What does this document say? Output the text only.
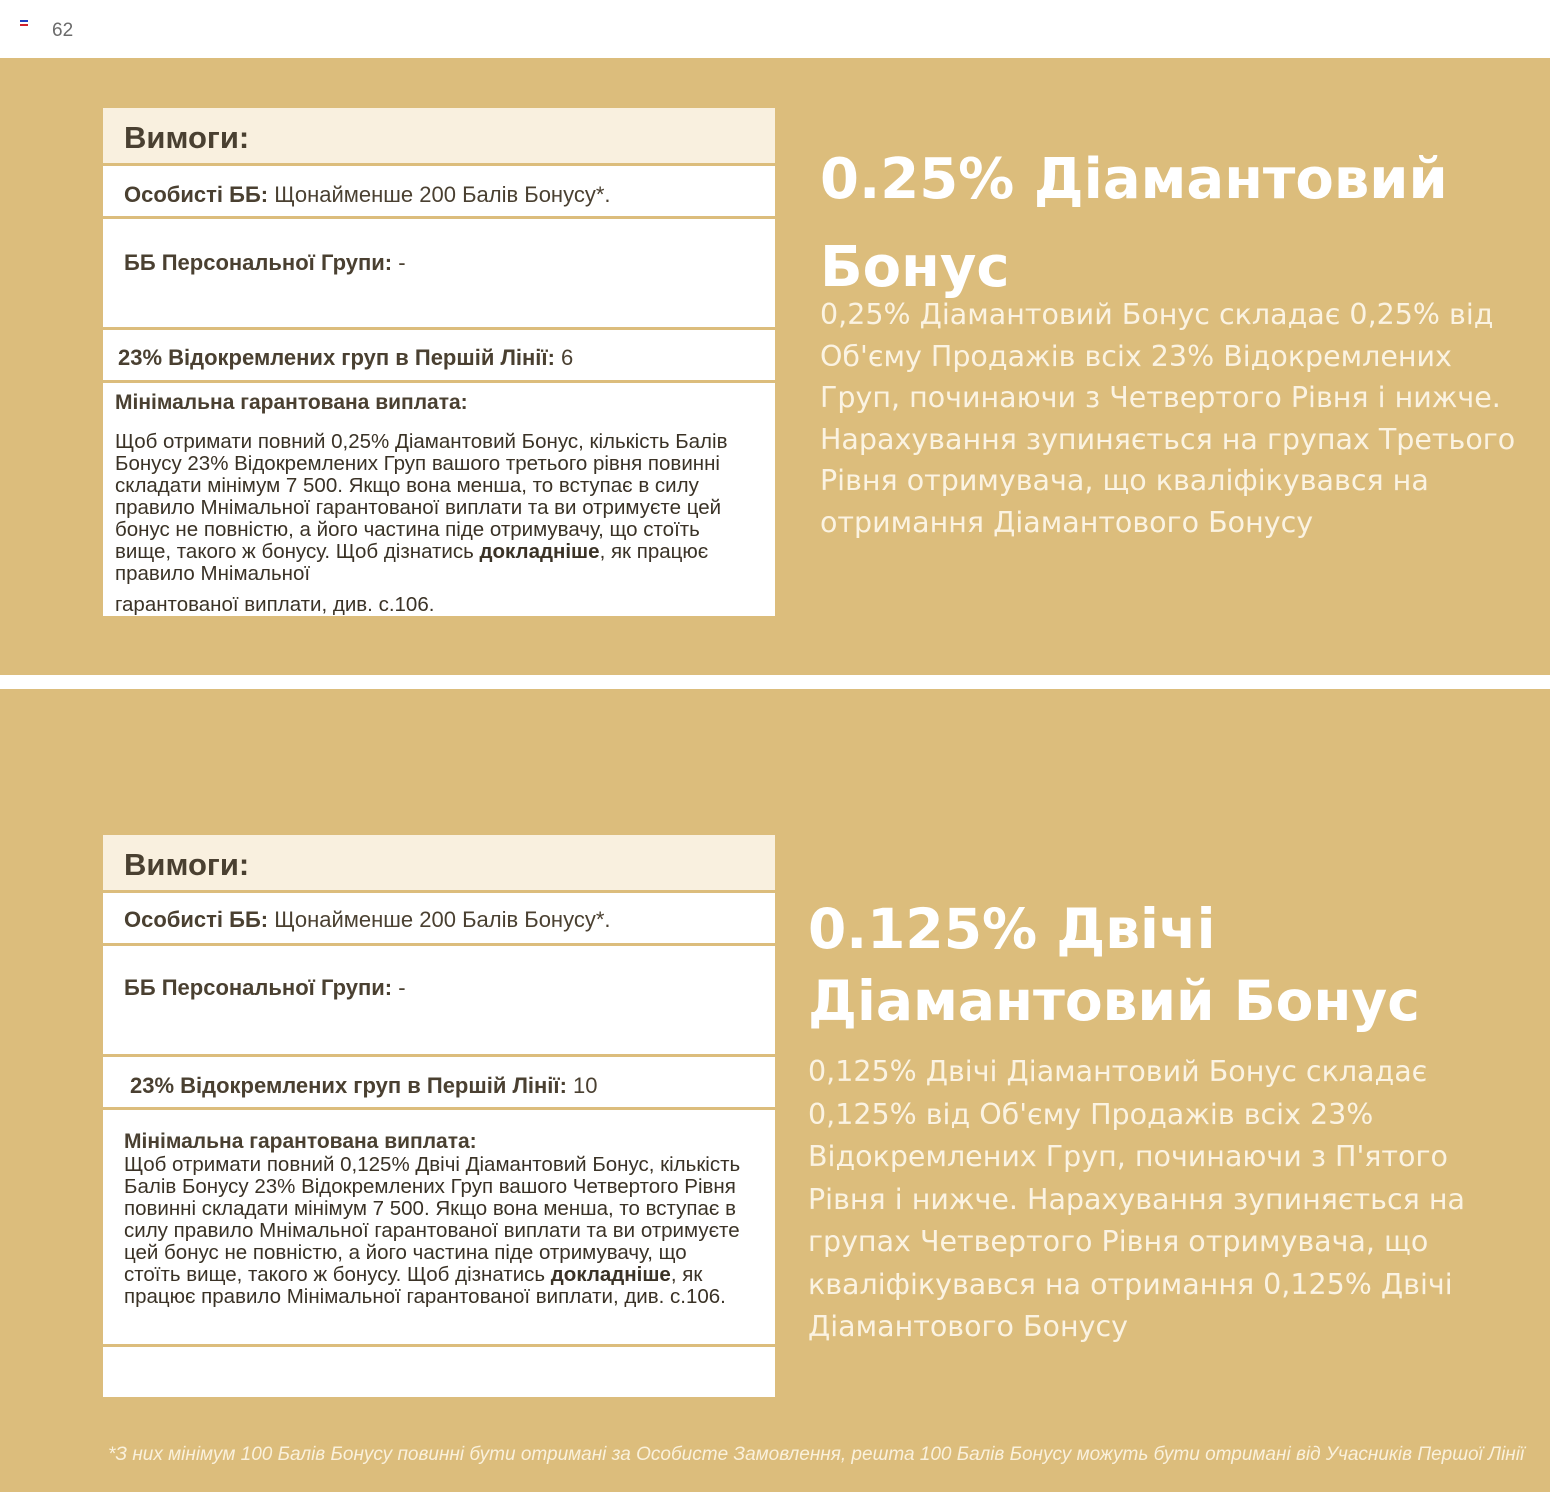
62
Вимоги:
Особисті ББ: Щонайменше 200 Балів Бонусу*.
ББ Персональної Групи: -
23% Відокремлених груп в Першій Лінії: 6
Мінімальна гарантована виплата:
Щоб отримати повний 0,25% Діамантовий Бонус, кількість Балів Бонусу 23% Відокремлених Груп вашого третього рівня повинні складати мінімум 7 500. Якщо вона менша, то вступає в силу правило Мнімальної гарантованої виплати та ви отримуєте цей бонус не повністю, а його частина піде отримувачу, що стоїть вище, такого ж бонусу. Щоб дізнатись докладніше, як працює правило Мнімальної
гарантованої виплати, див. с.106.
0.25% Діамантовий
Бонус
0,25% Діамантовий Бонус складає 0,25% від Об'єму Продажів всіх 23% Відокремлених Груп, починаючи з Четвертого Рівня і нижче. Нарахування зупиняється на групах Третього Рівня отримувача, що кваліфікувався на отримання Діамантового Бонусу
Вимоги:
Особисті ББ: Щонайменше 200 Балів Бонусу*.
ББ Персональної Групи: -
23% Відокремлених груп в Першій Лінії: 10
Мінімальна гарантована виплата:
Щоб отримати повний 0,125% Двічі Діамантовий Бонус, кількість Балів Бонусу 23% Відокремлених Груп вашого Четвертого Рівня повинні складати мінімум 7 500. Якщо вона менша, то вступає в силу правило Мнімальної гарантованої виплати та ви отримуєте цей бонус не повністю, а його частина піде отримувачу, що стоїть вище, такого ж бонусу. Щоб дізнатись докладніше, як працює правило Мінімальної гарантованої виплати, див. с.106.
0.125% Двічі
Діамантовий Бонус
0,125% Двічі Діамантовий Бонус складає 0,125% від Об'єму Продажів всіх 23% Відокремлених Груп, починаючи з П'ятого Рівня і нижче. Нарахування зупиняється на групах Четвертого Рівня отримувача, що кваліфікувався на отримання 0,125% Двічі Діамантового Бонусу
*З них мінімум 100 Балів Бонусу повинні бути отримані за Особисте Замовлення, решта 100 Балів Бонусу можуть бути отримані від Учасників Першої Лінії
